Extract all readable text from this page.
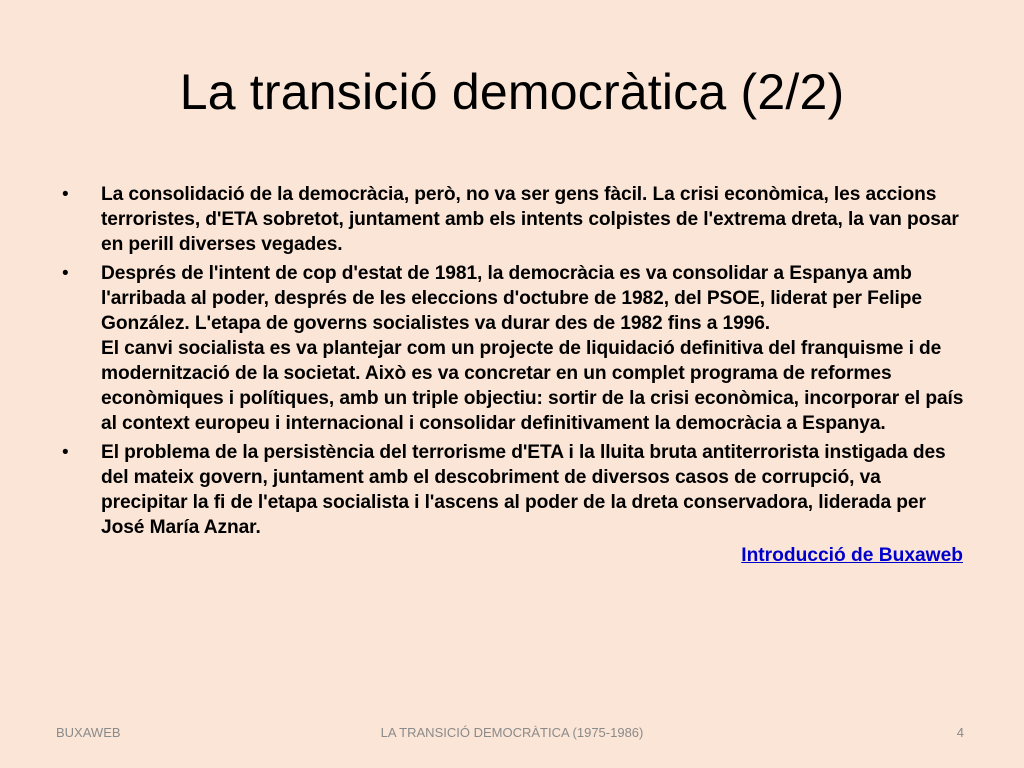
La transició democràtica (2/2)
• La consolidació de la democràcia, però, no va ser gens fàcil. La crisi econòmica, les accions terroristes, d'ETA sobretot, juntament amb els intents colpistes de l'extrema dreta, la van posar en perill diverses vegades.

• Després de l'intent de cop d'estat de 1981, la democràcia es va consolidar a Espanya amb l'arribada al poder, després de les eleccions d'octubre de 1982, del PSOE, liderat per Felipe González. L'etapa de governs socialistes va durar des de 1982 fins a 1996.

El canvi socialista es va plantejar com un projecte de liquidació definitiva del franquisme i de modernització de la societat. Això es va concretar en un complet programa de reformes econòmiques i polítiques, amb un triple objectiu: sortir de la crisi econòmica, incorporar el país al context europeu i internacional i consolidar definitivament la democràcia a Espanya.

• El problema de la persistència del terrorisme d'ETA i la lluita bruta antiterrorista instigada des del mateix govern, juntament amb el descobriment de diversos casos de corrupció, va precipitar la fi de l'etapa socialista i l'ascens al poder de la dreta conservadora, liderada per José María Aznar.

Introducció de Buxaweb
BUXAWEB	LA TRANSICIÓ DEMOCRÀTICA (1975-1986)	4
